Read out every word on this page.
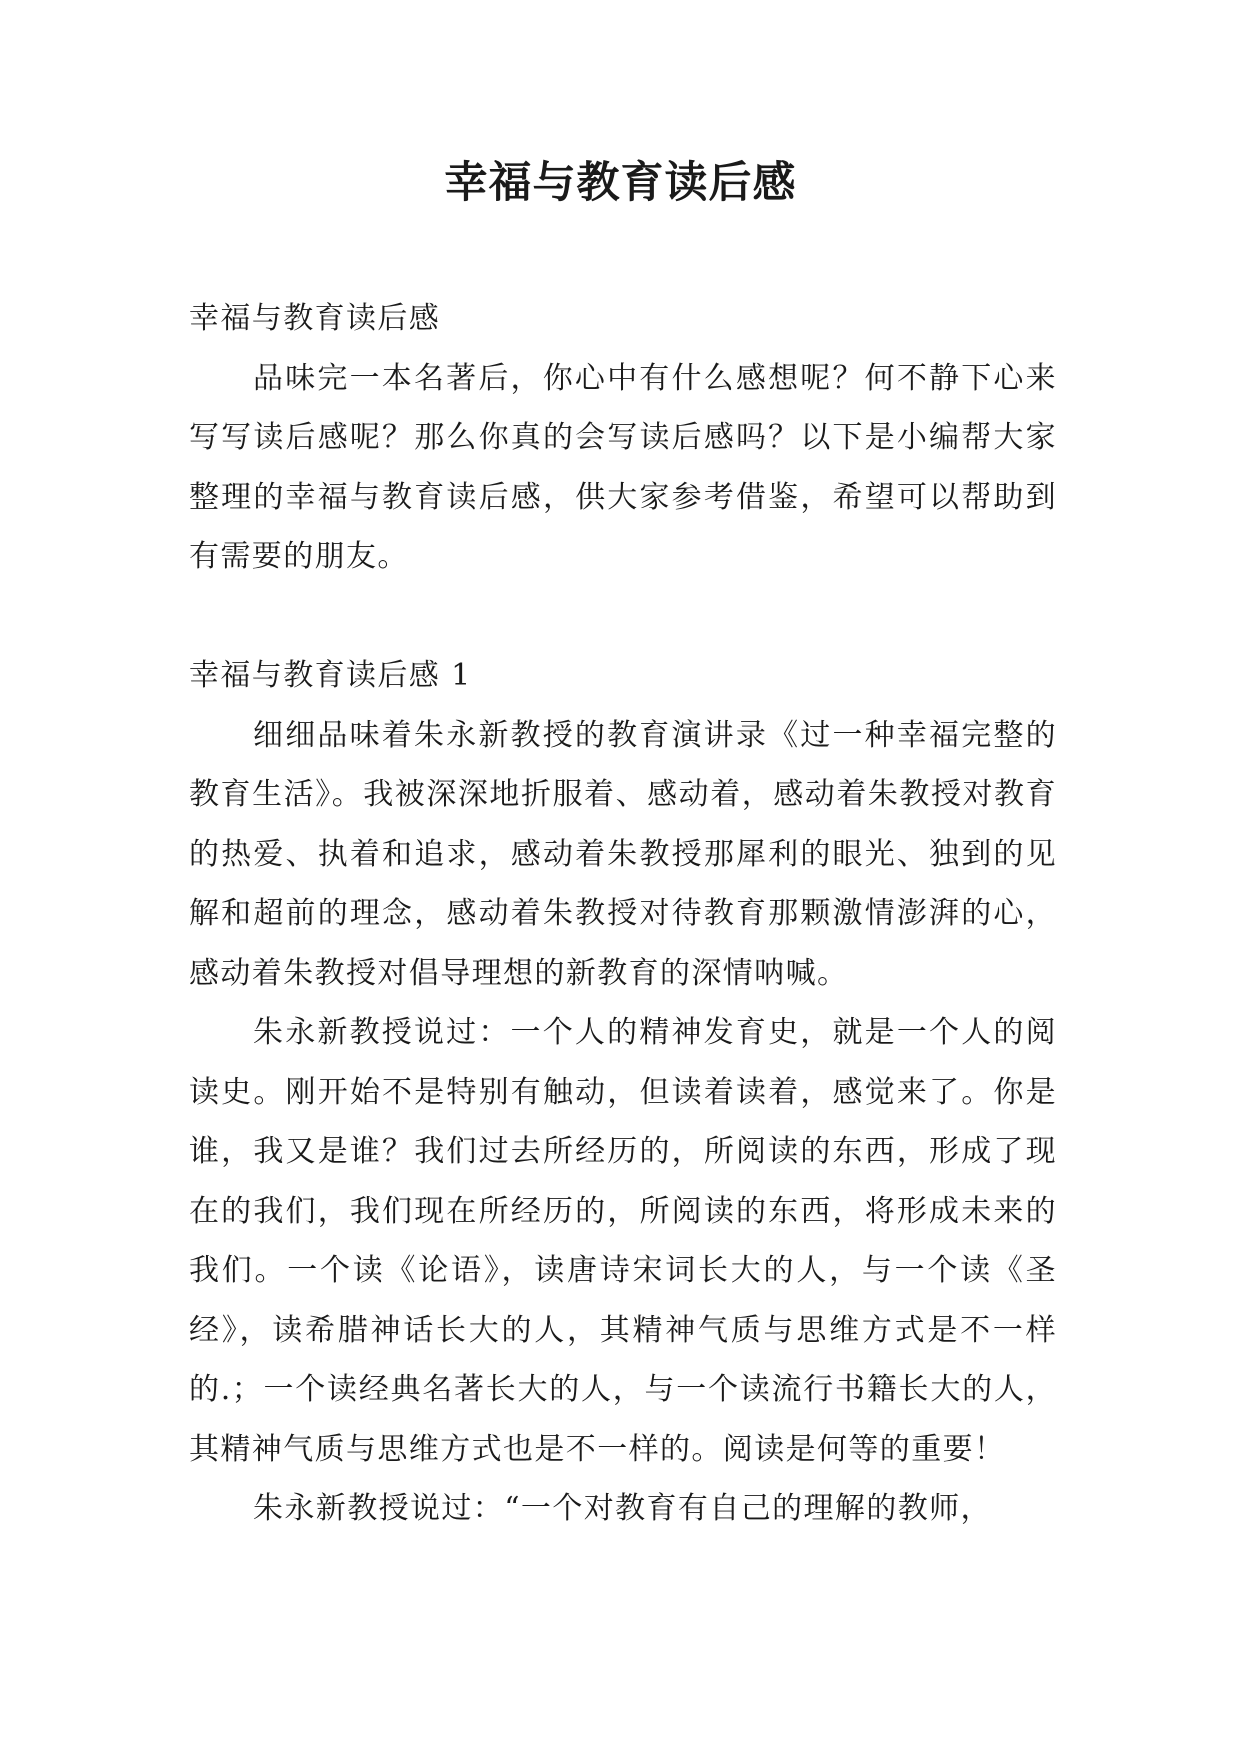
幸福与教育读后感

幸福与教育读后感

品味完一本名著后，你心中有什么感想呢？何不静下心来写写读后感呢？那么你真的会写读后感吗？以下是小编帮大家整理的幸福与教育读后感，供大家参考借鉴，希望可以帮助到有需要的朋友。

幸福与教育读后感 1

细细品味着朱永新教授的教育演讲录《过一种幸福完整的教育生活》。我被深深地折服着、感动着，感动着朱教授对教育的热爱、执着和追求，感动着朱教授那犀利的眼光、独到的见解和超前的理念，感动着朱教授对待教育那颗激情澎湃的心，感动着朱教授对倡导理想的新教育的深情呐喊。

朱永新教授说过：一个人的精神发育史，就是一个人的阅读史。刚开始不是特别有触动，但读着读着，感觉来了。你是谁，我又是谁？我们过去所经历的，所阅读的东西，形成了现在的我们，我们现在所经历的，所阅读的东西，将形成未来的我们。一个读《论语》，读唐诗宋词长大的人，与一个读《圣经》，读希腊神话长大的人，其精神气质与思维方式是不一样的.；一个读经典名著长大的人，与一个读流行书籍长大的人，其精神气质与思维方式也是不一样的。阅读是何等的重要！

朱永新教授说过：“一个对教育有自己的理解的教师，
